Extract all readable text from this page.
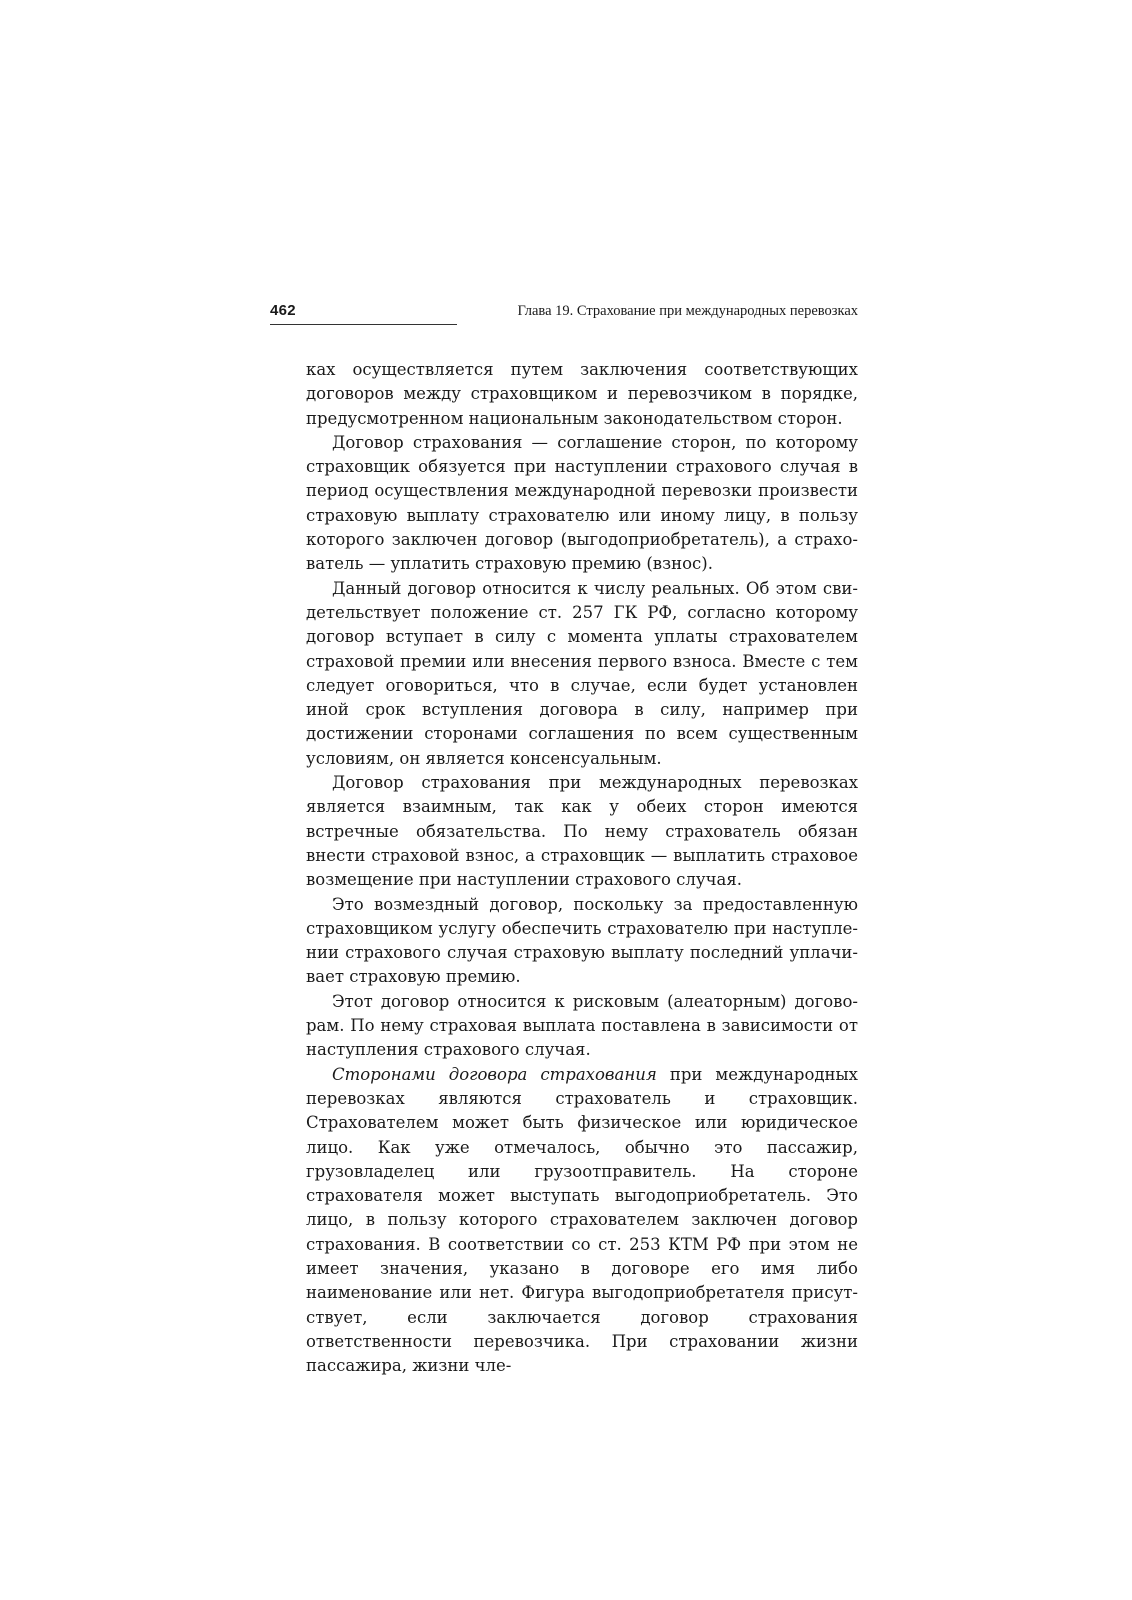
462	Глава 19. Страхование при международных перевозках

ках осуществляется путем заключения соответствующих договоров между страховщиком и перевозчиком в порядке, предусмотренном национальным законодательством сторон.

Договор страхования — соглашение сторон, по которому страховщик обязуется при наступлении страхового случая в период осуществления международной перевозки произвести страховую выплату страхователю или иному лицу, в пользу которого заключен договор (выгодоприобретатель), а страхователь — уплатить страховую премию (взнос).

Данный договор относится к числу реальных. Об этом свидетельствует положение ст. 257 ГК РФ, согласно которому договор вступает в силу с момента уплаты страхователем страховой премии или внесения первого взноса. Вместе с тем следует оговориться, что в случае, если будет установлен иной срок вступления договора в силу, например при достижении сторонами соглашения по всем существенным условиям, он является консенсуальным.

Договор страхования при международных перевозках является взаимным, так как у обеих сторон имеются встречные обязательства. По нему страхователь обязан внести страховой взнос, а страховщик — выплатить страховое возмещение при наступлении страхового случая.

Это возмездный договор, поскольку за предоставленную страховщиком услугу обеспечить страхователю при наступлении страхового случая страховую выплату последний уплачивает страховую премию.

Этот договор относится к рисковым (алеаторным) договорам. По нему страховая выплата поставлена в зависимости от наступления страхового случая.

Сторонами договора страхования при международных перевозках являются страхователь и страховщик. Страхователем может быть физическое или юридическое лицо. Как уже отмечалось, обычно это пассажир, грузовладелец или грузоотправитель. На стороне страхователя может выступать выгодоприобретатель. Это лицо, в пользу которого страхователем заключен договор страхования. В соответствии со ст. 253 КТМ РФ при этом не имеет значения, указано в договоре его имя либо наименование или нет. Фигура выгодоприобретателя присутствует, если заключается договор страхования ответственности перевозчика. При страховании жизни пассажира, жизни чле-
